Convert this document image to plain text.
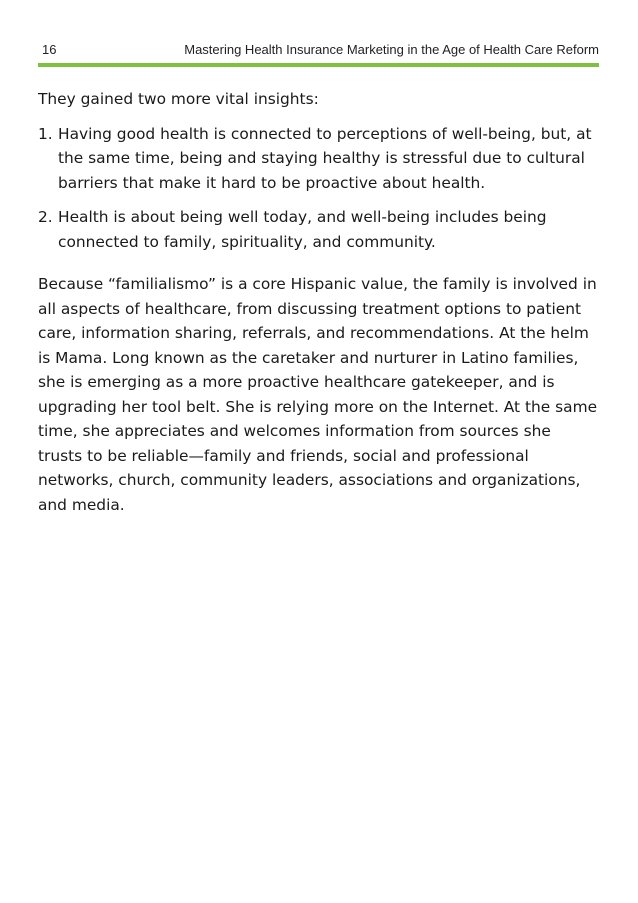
16	Mastering Health Insurance Marketing in the Age of Health Care Reform

They gained two more vital insights:

1. Having good health is connected to perceptions of well-being, but, at the same time, being and staying healthy is stressful due to cultural barriers that make it hard to be proactive about health.
2. Health is about being well today, and well-being includes being connected to family, spirituality, and community.

Because “familialismo” is a core Hispanic value, the family is involved in all aspects of healthcare, from discussing treatment options to patient care, information sharing, referrals, and recommendations. At the helm is Mama. Long known as the caretaker and nurturer in Latino families, she is emerging as a more proactive healthcare gatekeeper, and is upgrading her tool belt. She is relying more on the Internet. At the same time, she appreciates and welcomes information from sources she trusts to be reliable—family and friends, social and professional networks, church, community leaders, associations and organizations, and media.
